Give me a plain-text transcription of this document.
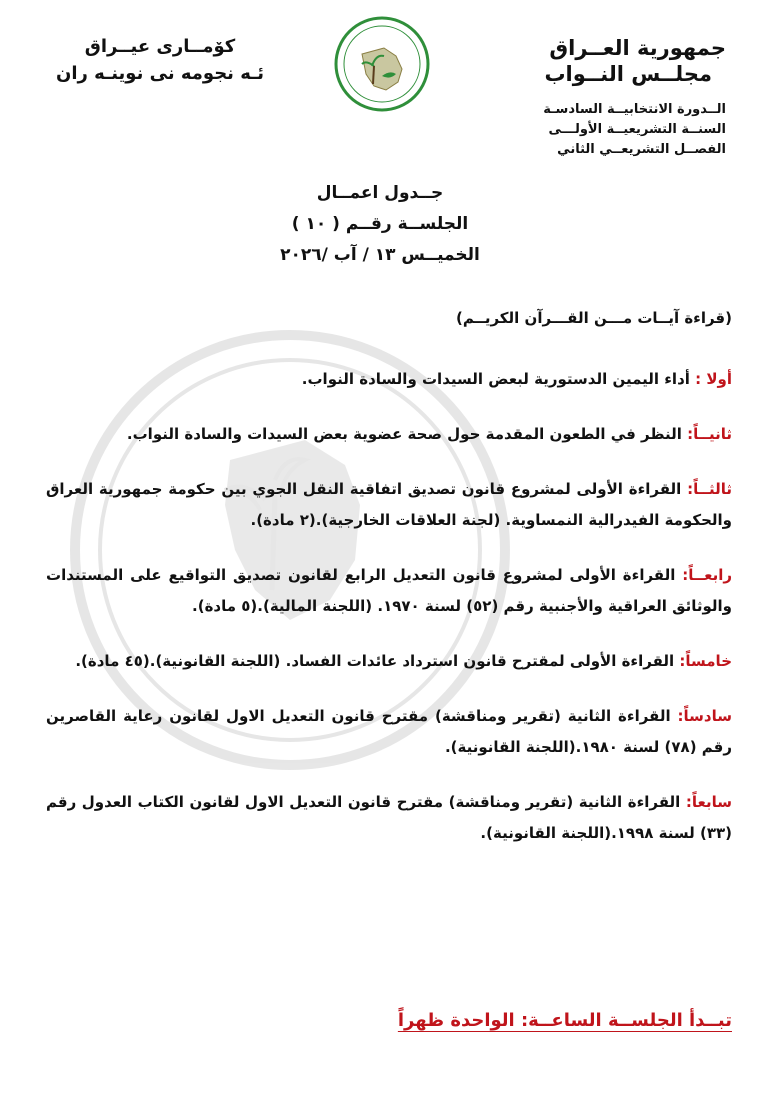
جمهورية العــراق
مجلــس النــواب
الــدورة الانتخابيــة السادسـة
السنــة التشريعيــة الأولـــى
الفصــل التشريعــي الثاني
كۆمــارى عيــراق
ئـه نجومه نى نوينـه ران
جــدول اعمــال
الجلســة رقــم ( ١٠ )
الخميــس ١٣ / آب /٢٠٢٦
(قراءة آيــات مـــن القـــرآن الكريــم)
أولا : أداء اليمين الدستورية لبعض السيدات والسادة النواب.
ثانيــاً: النظر في الطعون المقدمة حول صحة عضوية بعض السيدات والسادة النواب.
ثالثــاً: القراءة الأولى لمشروع قانون تصديق اتفاقية النقل الجوي بين حكومة جمهورية العراق والحكومة الفيدرالية النمساوية. (لجنة العلاقات الخارجية).(٢ مادة).
رابعــاً: القراءة الأولى لمشروع قانون التعديل الرابع لقانون تصديق التواقيع على المستندات والوثائق العراقية والأجنبية رقم (٥٢) لسنة ١٩٧٠. (اللجنة المالية).(٥ مادة).
خامساً: القراءة الأولى لمقترح قانون استرداد عائدات الفساد. (اللجنة القانونية).(٤٥ مادة).
سادساً: القراءة الثانية (تقرير ومناقشة) مقترح قانون التعديل الاول لقانون رعاية القاصرين رقم (٧٨) لسنة ١٩٨٠.(اللجنة القانونية).
سابعاً: القراءة الثانية (تقرير ومناقشة) مقترح قانون التعديل الاول لقانون الكتاب العدول رقم (٣٣) لسنة ١٩٩٨.(اللجنة القانونية).
تبــدأ الجلســة الساعــة: الواحدة ظهراً
